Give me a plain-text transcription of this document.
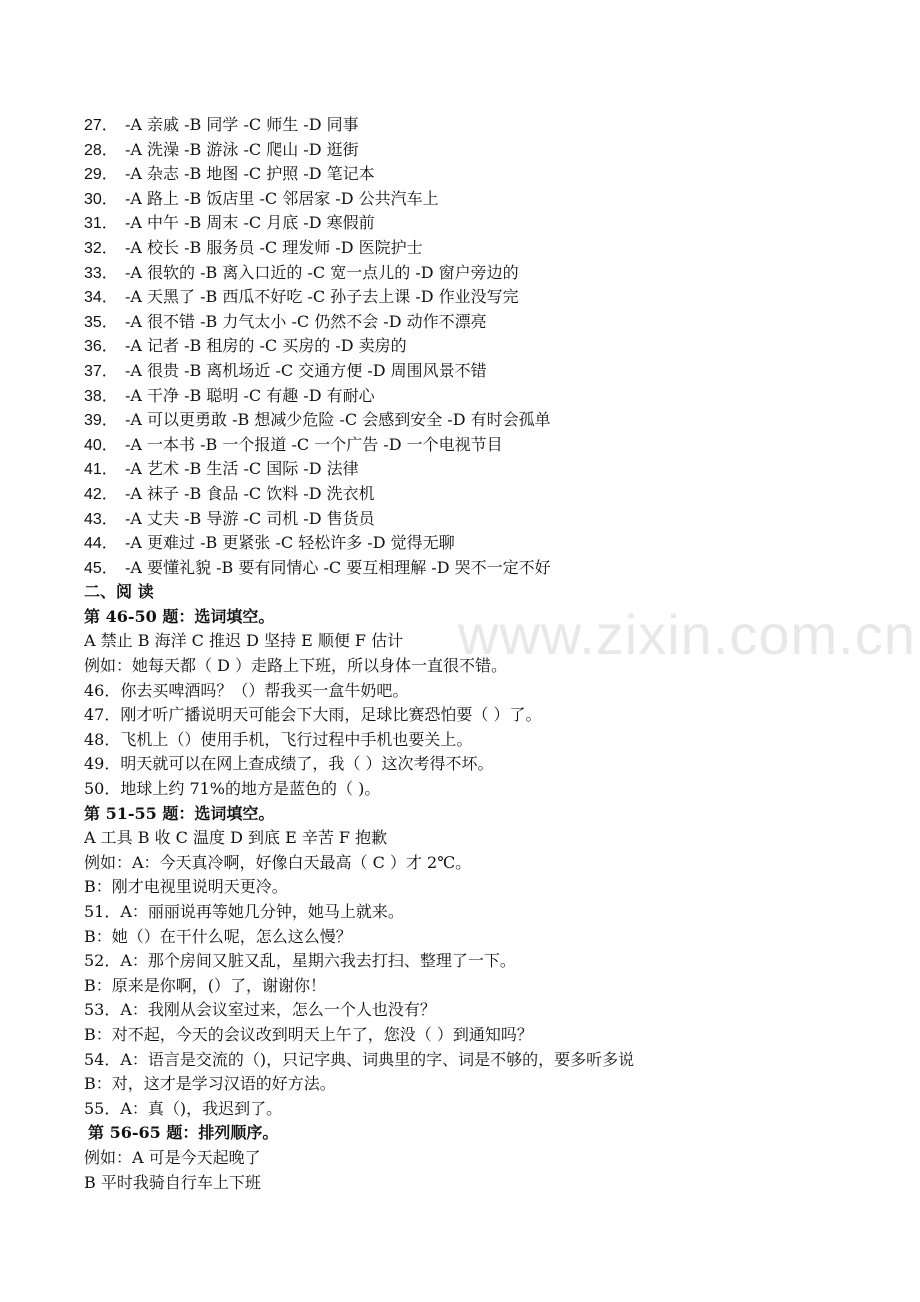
27． -A 亲戚 -B 同学 -C 师生 -D 同事
28． -A 洗澡 -B 游泳 -C 爬山 -D 逛街
29． -A 杂志 -B 地图 -C 护照 -D 笔记本
30． -A 路上 -B 饭店里 -C 邻居家 -D 公共汽车上
31． -A 中午 -B 周末 -C 月底 -D 寒假前
32． -A 校长 -B 服务员 -C 理发师 -D 医院护士
33． -A 很软的 -B 离入口近的 -C 宽一点儿的 -D 窗户旁边的
34． -A 天黑了 -B 西瓜不好吃 -C 孙子去上课 -D 作业没写完
35． -A 很不错 -B 力气太小 -C 仍然不会 -D 动作不漂亮
36． -A 记者 -B 租房的 -C 买房的 -D 卖房的
37． -A 很贵 -B 离机场近 -C 交通方便 -D 周围风景不错
38． -A 干净 -B 聪明 -C 有趣 -D 有耐心
39． -A 可以更勇敢 -B 想减少危险 -C 会感到安全 -D 有时会孤单
40． -A 一本书 -B 一个报道 -C 一个广告 -D 一个电视节目
41． -A 艺术 -B 生活 -C 国际 -D 法律
42． -A 袜子 -B 食品 -C 饮料 -D 洗衣机
43． -A 丈夫 -B 导游 -C 司机 -D 售货员
44． -A 更难过 -B 更紧张 -C 轻松许多 -D 觉得无聊
45． -A 要懂礼貌 -B 要有同情心 -C 要互相理解 -D 哭不一定不好
二、阅 读
第 46-50 题：选词填空。
A 禁止 B 海洋 C 推迟 D 坚持 E 顺便 F 估计
例如：她每天都（ D ）走路上下班，所以身体一直很不错。
46．你去买啤酒吗？（）帮我买一盒牛奶吧。
47．刚才听广播说明天可能会下大雨，足球比赛恐怕要（ ）了。
48．飞机上（）使用手机，飞行过程中手机也要关上。
49．明天就可以在网上查成绩了，我（ ）这次考得不坏。
50．地球上约 71%的地方是蓝色的（ )。
第 51-55 题：选词填空。
A 工具 B 收 C 温度 D 到底 E 辛苦 F 抱歉
例如：A：今天真冷啊，好像白天最高（ C ）才 2℃。
B：刚才电视里说明天更冷。
51．A：丽丽说再等她几分钟，她马上就来。
B：她（）在干什么呢，怎么这么慢？
52．A：那个房间又脏又乱，星期六我去打扫、整理了一下。
B：原来是你啊，(）了，谢谢你！
53．A：我刚从会议室过来，怎么一个人也没有？
B：对不起，今天的会议改到明天上午了，您没（ ）到通知吗？
54．A：语言是交流的（)，只记字典、词典里的字、词是不够的，要多听多说
B：对，这才是学习汉语的好方法。
55．A：真（)，我迟到了。
第 56-65 题：排列顺序。
例如：A 可是今天起晚了
B 平时我骑自行车上下班
www.zixin.com.cn
